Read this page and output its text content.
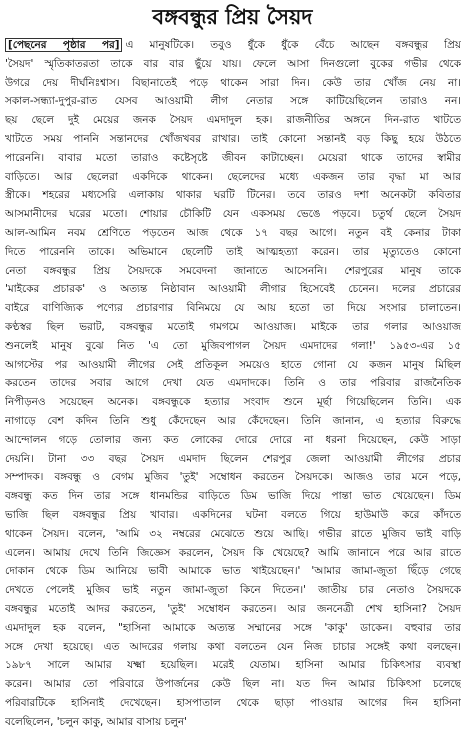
বঙ্গবন্ধুর প্রিয় সৈয়দ
[পেছনের পৃষ্ঠার পর] এ মানুষটিকে। তবুও ধুঁকে ধুঁকে বেঁচে আছেন বঙ্গবন্ধুর প্রিয়
'সৈয়দ' স্মৃতিকাতরতা তাকে বার বার ছুঁয়ে যায়। ফেলে আসা দিনগুলো বুকের গভীর থেকে
উগরে দেয় দীর্ঘনিঃশ্বাস। বিছানাতেই পড়ে থাকেন সারা দিন। কেউ তার খোঁজ নেয় না।
সকাল-সন্ধ্যা-দুপুর-রাত যেসব আওয়ামী লীগ নেতার সঙ্গে কাটিয়েছিলেন তারাও নন।
ছয় ছেলে দুই মেয়ের জনক সৈয়দ এমদাদুল হক। রাজনীতির অঙ্গনে দিন-রাত খাটতে
খাটতে সময় পাননি সন্তানদের খোঁজখবর রাখার। তাই কোনো সন্তানই বড় কিছু হয়ে উঠতে
পারেননি। বাবার মতো তারাও কষ্টেসৃষ্টে জীবন কাটাচ্ছেন। মেয়েরা থাকে তাদের স্বামীর
বাড়িতে। আর ছেলেরা একদিকে থাকেন। ছেলেদের মধ্যে একজন তার বৃদ্ধা মা আর
স্ত্রীকে। শহরের মধ্যসেরি এলাকায় থাকার ঘরটি টিনের। তবে তারও দশা অনেকটা কবিতার
আসমানীদের ঘরের মতো। শোয়ার চৌকিটি যেন একসময় ভেঙে পড়বে। চতুর্থ ছেলে সৈয়দ
আল-আমিন নবম শ্রেণিতে পড়তেন আজ থেকে ১৭ বছর আগে। নতুন বই কেনার টাকা
দিতে পারেননি তাকে। অভিমানে ছেলেটি তাই আত্মহত্যা করেন। তার মৃত্যুতেও কোনো
নেতা বঙ্গবন্ধুর প্রিয় সৈয়দকে সমবেদনা জানাতে আসেননি। শেরপুরের মানুষ তাকে
'মাইকের প্রচারক' ও অত্যন্ত নিষ্ঠাবান আওয়ামী লীগার হিসেবেই চেনেন। দলের প্রচারের
বাইরে বাণিজ্যিক পণ্যের প্রচারণার বিনিময়ে যে আয় হতো তা দিয়ে সংসার চালাতেন।
কণ্ঠস্বর ছিল ভরাট, বঙ্গবন্ধুর মতোই গমগমে আওয়াজ। মাইকে তার গলার আওয়াজ
শুনলেই মানুষ বুঝে নিত 'এ তো মুজিবপাগল সৈয়দ এমদাদের গলা!' ১৯৫৩-এর ১৫
আগস্টের পর আওয়ামী লীগের সেই প্রতিকূল সময়েও হাতে গোনা যে কজন মানুষ মিছিল
করতেন তাদের সবার আগে দেখা যেত এমদাদকে। তিনি ও তার পরিবার রাজনৈতিক
নিপীড়নও সয়েছেন অনেক। বঙ্গবন্ধুকে হত্যার সংবাদ শুনে মূর্ছা গিয়েছিলেন তিনি। এক
নাগাড়ে বেশ কদিন তিনি শুধু কেঁদেছেন আর কেঁদেছেন। তিনি জানান, এ হত্যার বিরুদ্ধে
আন্দোলন গড়ে তোলার জন্য কত লোকের দোরে দোরে না ধরনা দিয়েছেন, কেউ সাড়া
দেয়নি। টানা ৩৩ বছর সৈয়দ এমদাদ ছিলেন শেরপুর জেলা আওয়ামী লীগের প্রচার
সম্পাদক। বঙ্গবন্ধু ও বেগম মুজিব 'তুই' সম্বোধন করতেন সৈয়দকে। আজও তার মনে পড়ে,
বঙ্গবন্ধু কত দিন তার সঙ্গে ধানমন্ডির বাড়িতে ডিম ভাজি দিয়ে পান্তা ভাত খেয়েছেন। ডিম
ভাজি ছিল বঙ্গবন্ধুর প্রিয় খাবার। একদিনের ঘটনা বলতে গিয়ে হাউমাউ করে কাঁদতে
থাকেন সৈয়দ। বলেন, 'আমি ৩২ নম্বরের মেঝেতে শুয়ে আছি। গভীর রাতে মুজিব ভাই বাড়ি
এলেন। আমায় দেখে তিনি জিজ্ঞেস করলেন, সৈয়দ কি খেয়েছে? আমি জানানে পরে আর রাতে
দোকান থেকে ডিম আনিয়ে ভাবী আমাকে ভাত খাইয়েছেন।' 'আমার জামা-জুতা ছিঁড়ে গেছে
দেখতে পেলেই মুজিব ভাই নতুন জামা-জুতা কিনে দিতেন।' জাতীয় চার নেতাও সৈয়দকে
বঙ্গবন্ধুর মতোই আদর করতেন, 'তুই' সম্বোধন করতেন। আর জননেত্রী শেখ হাসিনা? সৈয়দ
এমদাদুল হক বলেন, "হাসিনা আমাকে অত্যন্ত সম্মানের সঙ্গে 'কাকু' ডাকেন। বহুবার তার
সঙ্গে দেখা হয়েছে। এত আদরের গলায় কথা বলতেন যেন নিজ চাচার সঙ্গেই কথা বলছেন।
১৯৮৭ সালে আমার যক্ষ্মা হয়েছিল। মরেই যেতাম। হাসিনা আমার চিকিৎসার ব্যবস্থা
করেন। আমার তো পরিবারে উপার্জনের কেউ ছিল না। যত দিন আমার চিকিৎসা চলেছে
পরিবারটিকে হাসিনাই দেখেছেন। হাসপাতাল থেকে ছাড়া পাওয়ার আগের দিন হাসিনা
বলেছিলেন, 'চলুন কাকু, আমার বাসায় চলুন'
